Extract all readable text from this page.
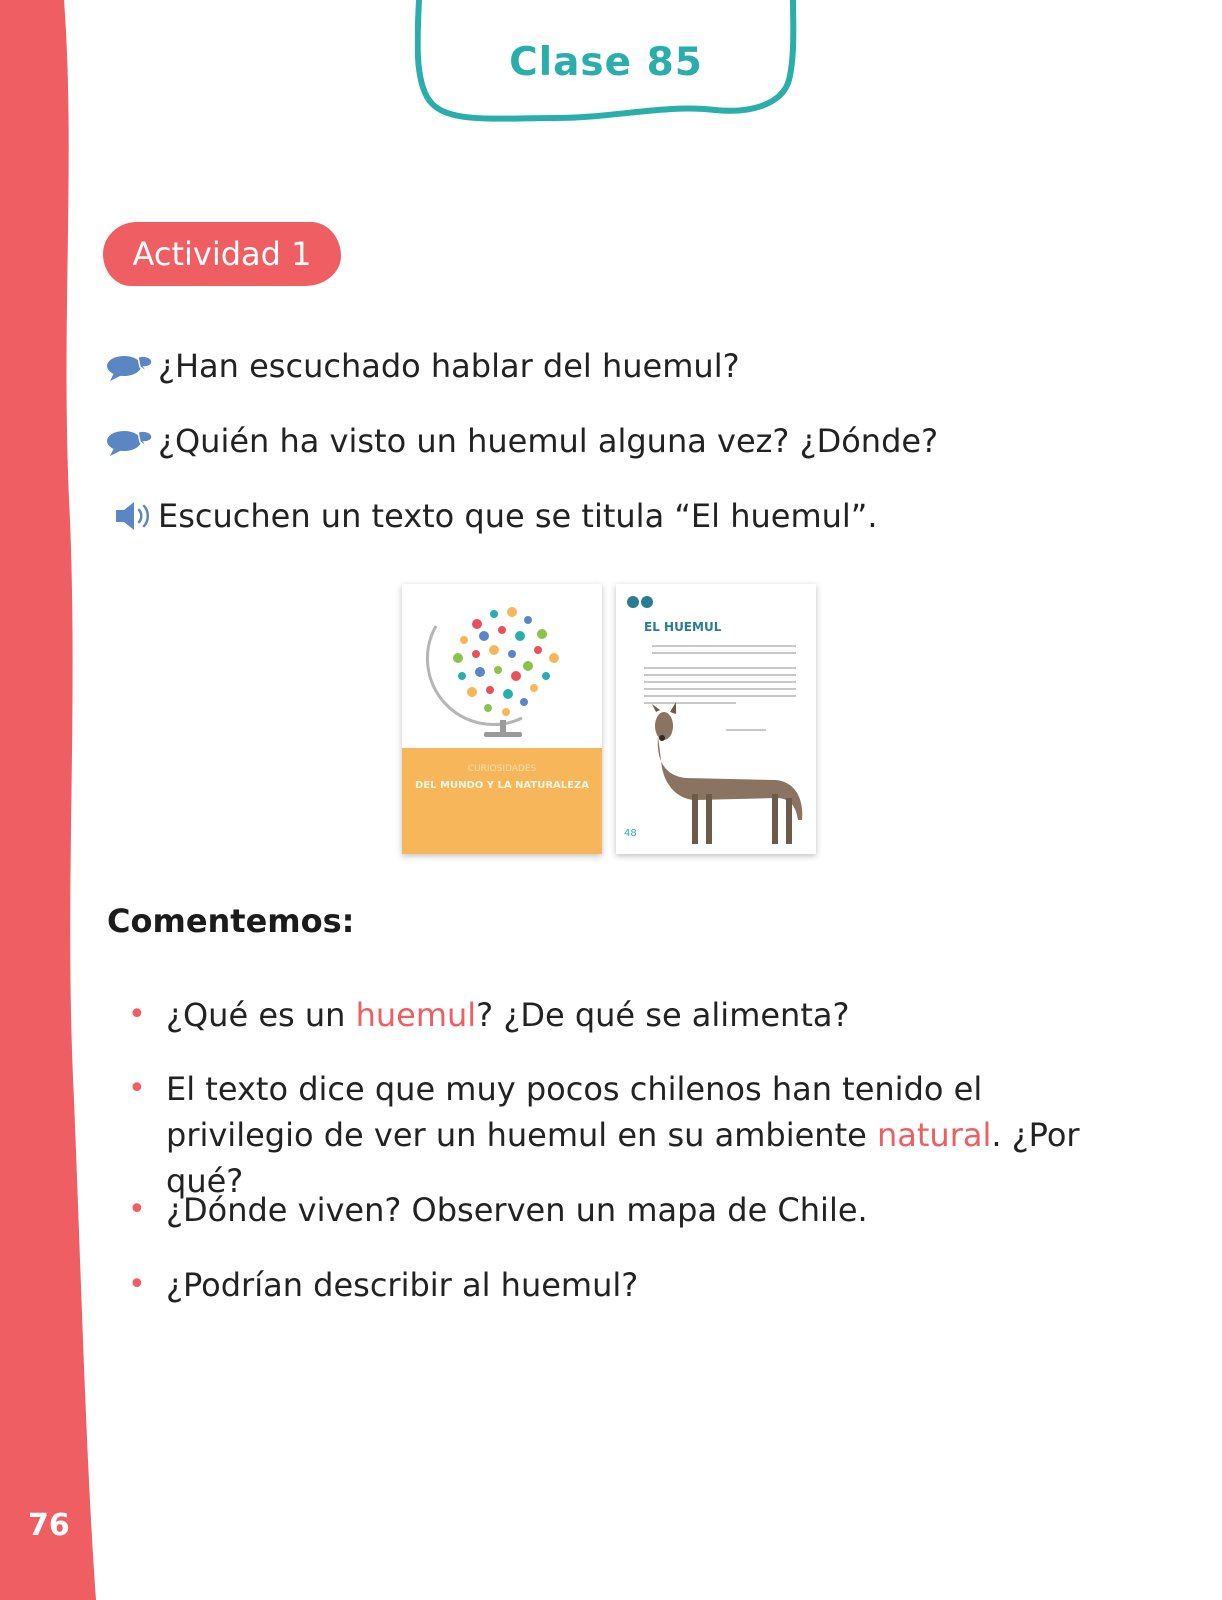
76
Clase 85
Actividad 1
¿Han escuchado hablar del huemul?
¿Quién ha visto un huemul alguna vez? ¿Dónde?
Escuchen un texto que se titula “El huemul”.
CURIOSIDADES
DEL MUNDO Y LA NATURALEZA
EL HUEMUL
48
Comentemos:
• ¿Qué es un huemul? ¿De qué se alimenta?
• El texto dice que muy pocos chilenos han tenido el privilegio de ver un huemul en su ambiente natural. ¿Por qué?
• ¿Dónde viven? Observen un mapa de Chile.
• ¿Podrían describir al huemul?
